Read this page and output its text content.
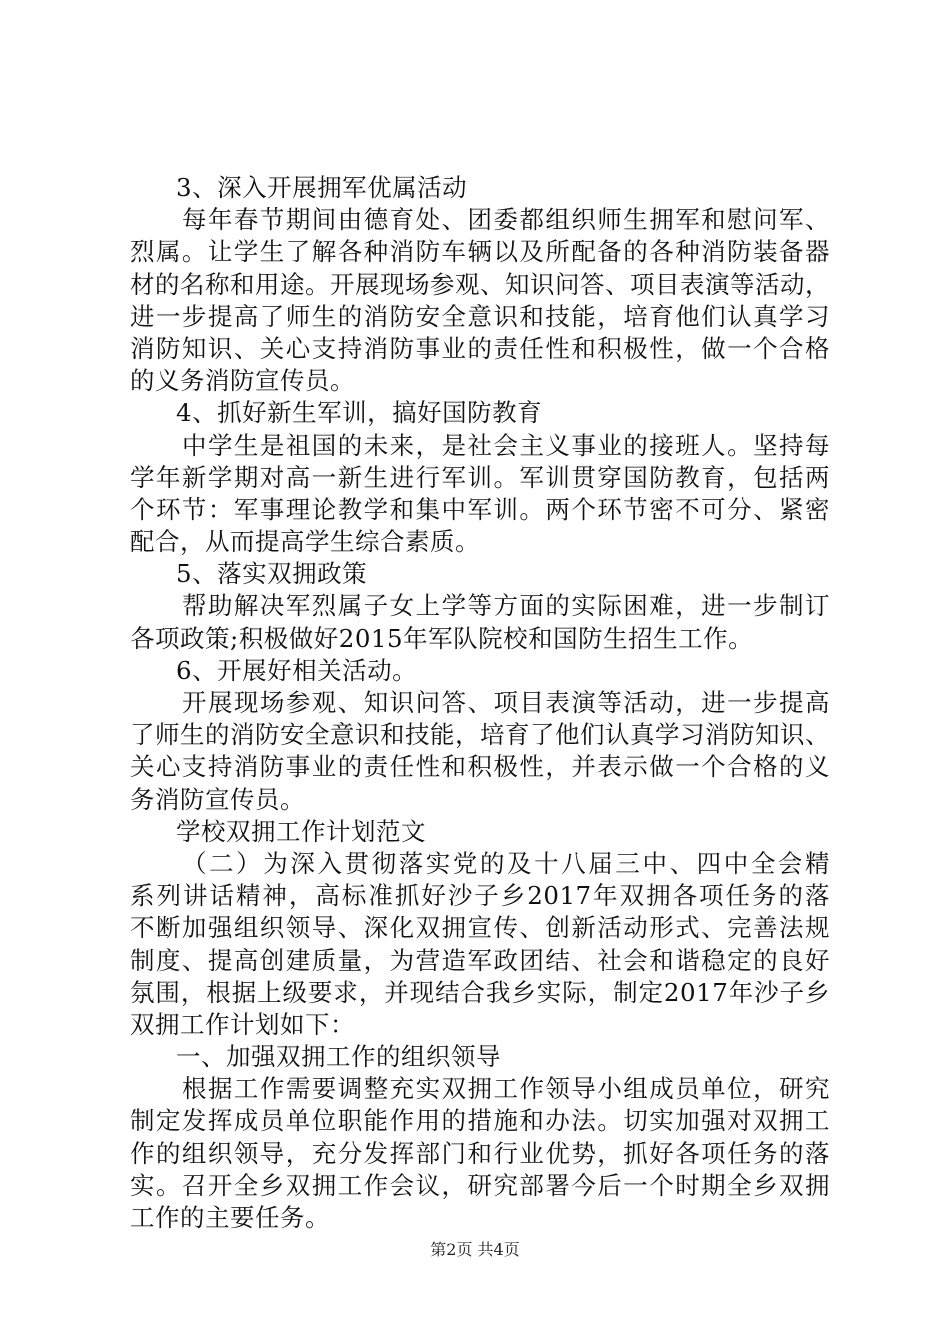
3、深入开展拥军优属活动
每年春节期间由德育处、团委都组织师生拥军和慰问军、
烈属。让学生了解各种消防车辆以及所配备的各种消防装备器
材的名称和用途。开展现场参观、知识问答、项目表演等活动，
进一步提高了师生的消防安全意识和技能，培育他们认真学习
消防知识、关心支持消防事业的责任性和积极性，做一个合格
的义务消防宣传员。
4、抓好新生军训，搞好国防教育
中学生是祖国的未来，是社会主义事业的接班人。坚持每
学年新学期对高一新生进行军训。军训贯穿国防教育，包括两
个环节：军事理论教学和集中军训。两个环节密不可分、紧密
配合，从而提高学生综合素质。
5、落实双拥政策
帮助解决军烈属子女上学等方面的实际困难，进一步制订
各项政策;积极做好2015年军队院校和国防生招生工作。
6、开展好相关活动。
开展现场参观、知识问答、项目表演等活动，进一步提高
了师生的消防安全意识和技能，培育了他们认真学习消防知识、
关心支持消防事业的责任性和积极性，并表示做一个合格的义
务消防宣传员。
学校双拥工作计划范文
（二）为深入贯彻落实党的及十八届三中、四中全会精
系列讲话精神，高标准抓好沙子乡2017年双拥各项任务的落
不断加强组织领导、深化双拥宣传、创新活动形式、完善法规
制度、提高创建质量，为营造军政团结、社会和谐稳定的良好
氛围，根据上级要求，并现结合我乡实际，制定2017年沙子乡
双拥工作计划如下：
一、加强双拥工作的组织领导
根据工作需要调整充实双拥工作领导小组成员单位，研究
制定发挥成员单位职能作用的措施和办法。切实加强对双拥工
作的组织领导，充分发挥部门和行业优势，抓好各项任务的落
实。召开全乡双拥工作会议，研究部署今后一个时期全乡双拥
工作的主要任务。
第2页 共4页
